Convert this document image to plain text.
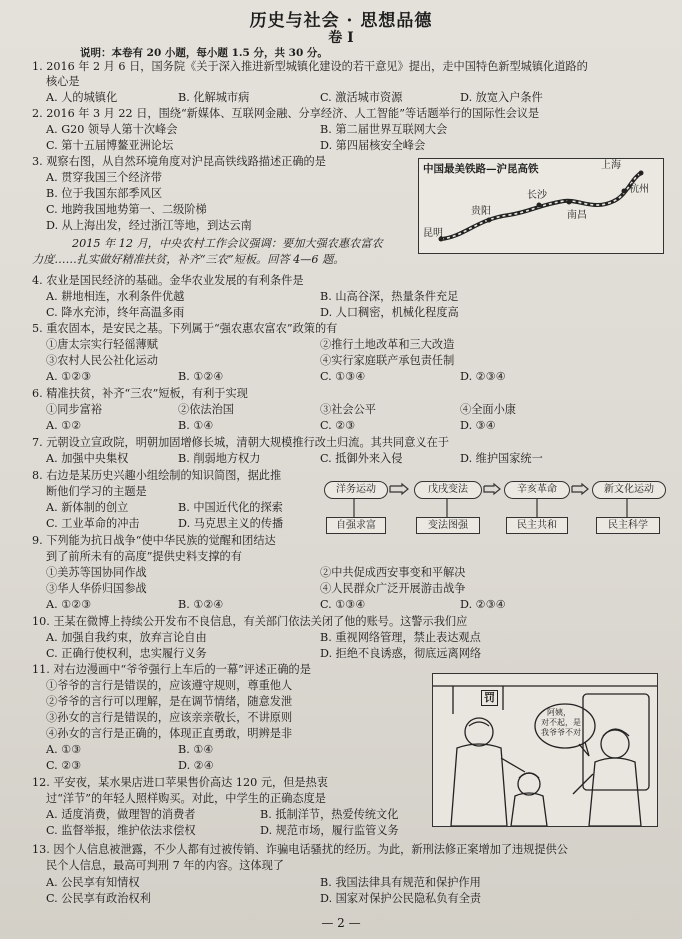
历史与社会 · 思想品德
卷 Ⅰ
说明：本卷有 20 小题，每小题 1.5 分，共 30 分。
1. 2016 年 2 月 6 日，国务院《关于深入推进新型城镇化建设的若干意见》提出，走中国特色新型城镇化道路的
核心是
A. 人的城镇化	B. 化解城市病	C. 激活城市资源	D. 放宽入户条件
2. 2016 年 3 月 22 日，围绕“新媒体、互联网金融、分享经济、人工智能”等话题举行的国际性会议是
A. G20 领导人第十次峰会	B. 第二届世界互联网大会
C. 第十五届博鳌亚洲论坛	D. 第四届核安全峰会
3. 观察右图，从自然环境角度对沪昆高铁线路描述正确的是
A. 贯穿我国三个经济带
B. 位于我国东部季风区
C. 地跨我国地势第一、二级阶梯
D. 从上海出发，经过浙江等地，到达云南
中国最美铁路—沪昆高铁
昆明
贵阳
长沙
南昌
杭州
上海
2015 年 12 月，中央农村工作会议强调：要加大强农惠农富农
力度……扎实做好精准扶贫，补齐“三农”短板。回答 4—6 题。
4. 农业是国民经济的基础。金华农业发展的有利条件是
A. 耕地相连，水利条件优越	B. 山高谷深，热量条件充足
C. 降水充沛，终年高温多雨	D. 人口稠密，机械化程度高
5. 重农固本，是安民之基。下列属于“强农惠农富农”政策的有
①唐太宗实行轻徭薄赋	②推行土地改革和三大改造
③农村人民公社化运动	④实行家庭联产承包责任制
A. ①②③	B. ①②④	C. ①③④	D. ②③④
6. 精准扶贫，补齐“三农”短板，有利于实现
①同步富裕	②依法治国	③社会公平	④全面小康
A. ①②	B. ①④	C. ②③	D. ③④
7. 元朝设立宣政院，明朝加固增修长城，清朝大规模推行改土归流。其共同意义在于
A. 加强中央集权	B. 削弱地方权力	C. 抵御外来入侵	D. 维护国家统一
8. 右边是某历史兴趣小组绘制的知识简图，据此推
断他们学习的主题是
A. 新体制的创立	B. 中国近代化的探索
C. 工业革命的冲击	D. 马克思主义的传播
洋务运动	戊戌变法	辛亥革命	新文化运动
自强求富	变法图强	民主共和	民主科学
9. 下列能为抗日战争“使中华民族的觉醒和团结达
到了前所未有的高度”提供史料支撑的有
①美苏等国协同作战	②中共促成西安事变和平解决
③华人华侨归国参战	④人民群众广泛开展游击战争
A. ①②③	B. ①②④	C. ①③④	D. ②③④
10. 王某在微博上持续公开发布不良信息，有关部门依法关闭了他的账号。这警示我们应
A. 加强自我约束，放弃言论自由	B. 重视网络管理，禁止表达观点
C. 正确行使权利，忠实履行义务	D. 拒绝不良诱惑，彻底远离网络
11. 对右边漫画中“爷爷强行上车后的一幕”评述正确的是
①爷爷的言行是错误的，应该遵守规则，尊重他人
②爷爷的言行可以理解，是在调节情绪，随意发泄
③孙女的言行是错误的，应该亲亲敬长，不讲原则
④孙女的言行是正确的，体现正直勇敢，明辨是非
A. ①③	B. ①④
C. ②③	D. ②④
罚
阿姨，
对不起，是
我爷爷不对
12. 平安夜，某水果店进口苹果售价高达 120 元，但是热衷
过“洋节”的年轻人照样购买。对此，中学生的正确态度是
A. 适度消费，做理智的消费者	B. 抵制洋节，热爱传统文化
C. 监督举报，维护依法求偿权	D. 规范市场，履行监管义务
13. 因个人信息被泄露，不少人都有过被传销、诈骗电话骚扰的经历。为此，新刑法修正案增加了违规提供公
民个人信息，最高可判刑 7 年的内容。这体现了
A. 公民享有知情权	B. 我国法律具有规范和保护作用
C. 公民享有政治权利	D. 国家对保护公民隐私负有全责
— 2 —
